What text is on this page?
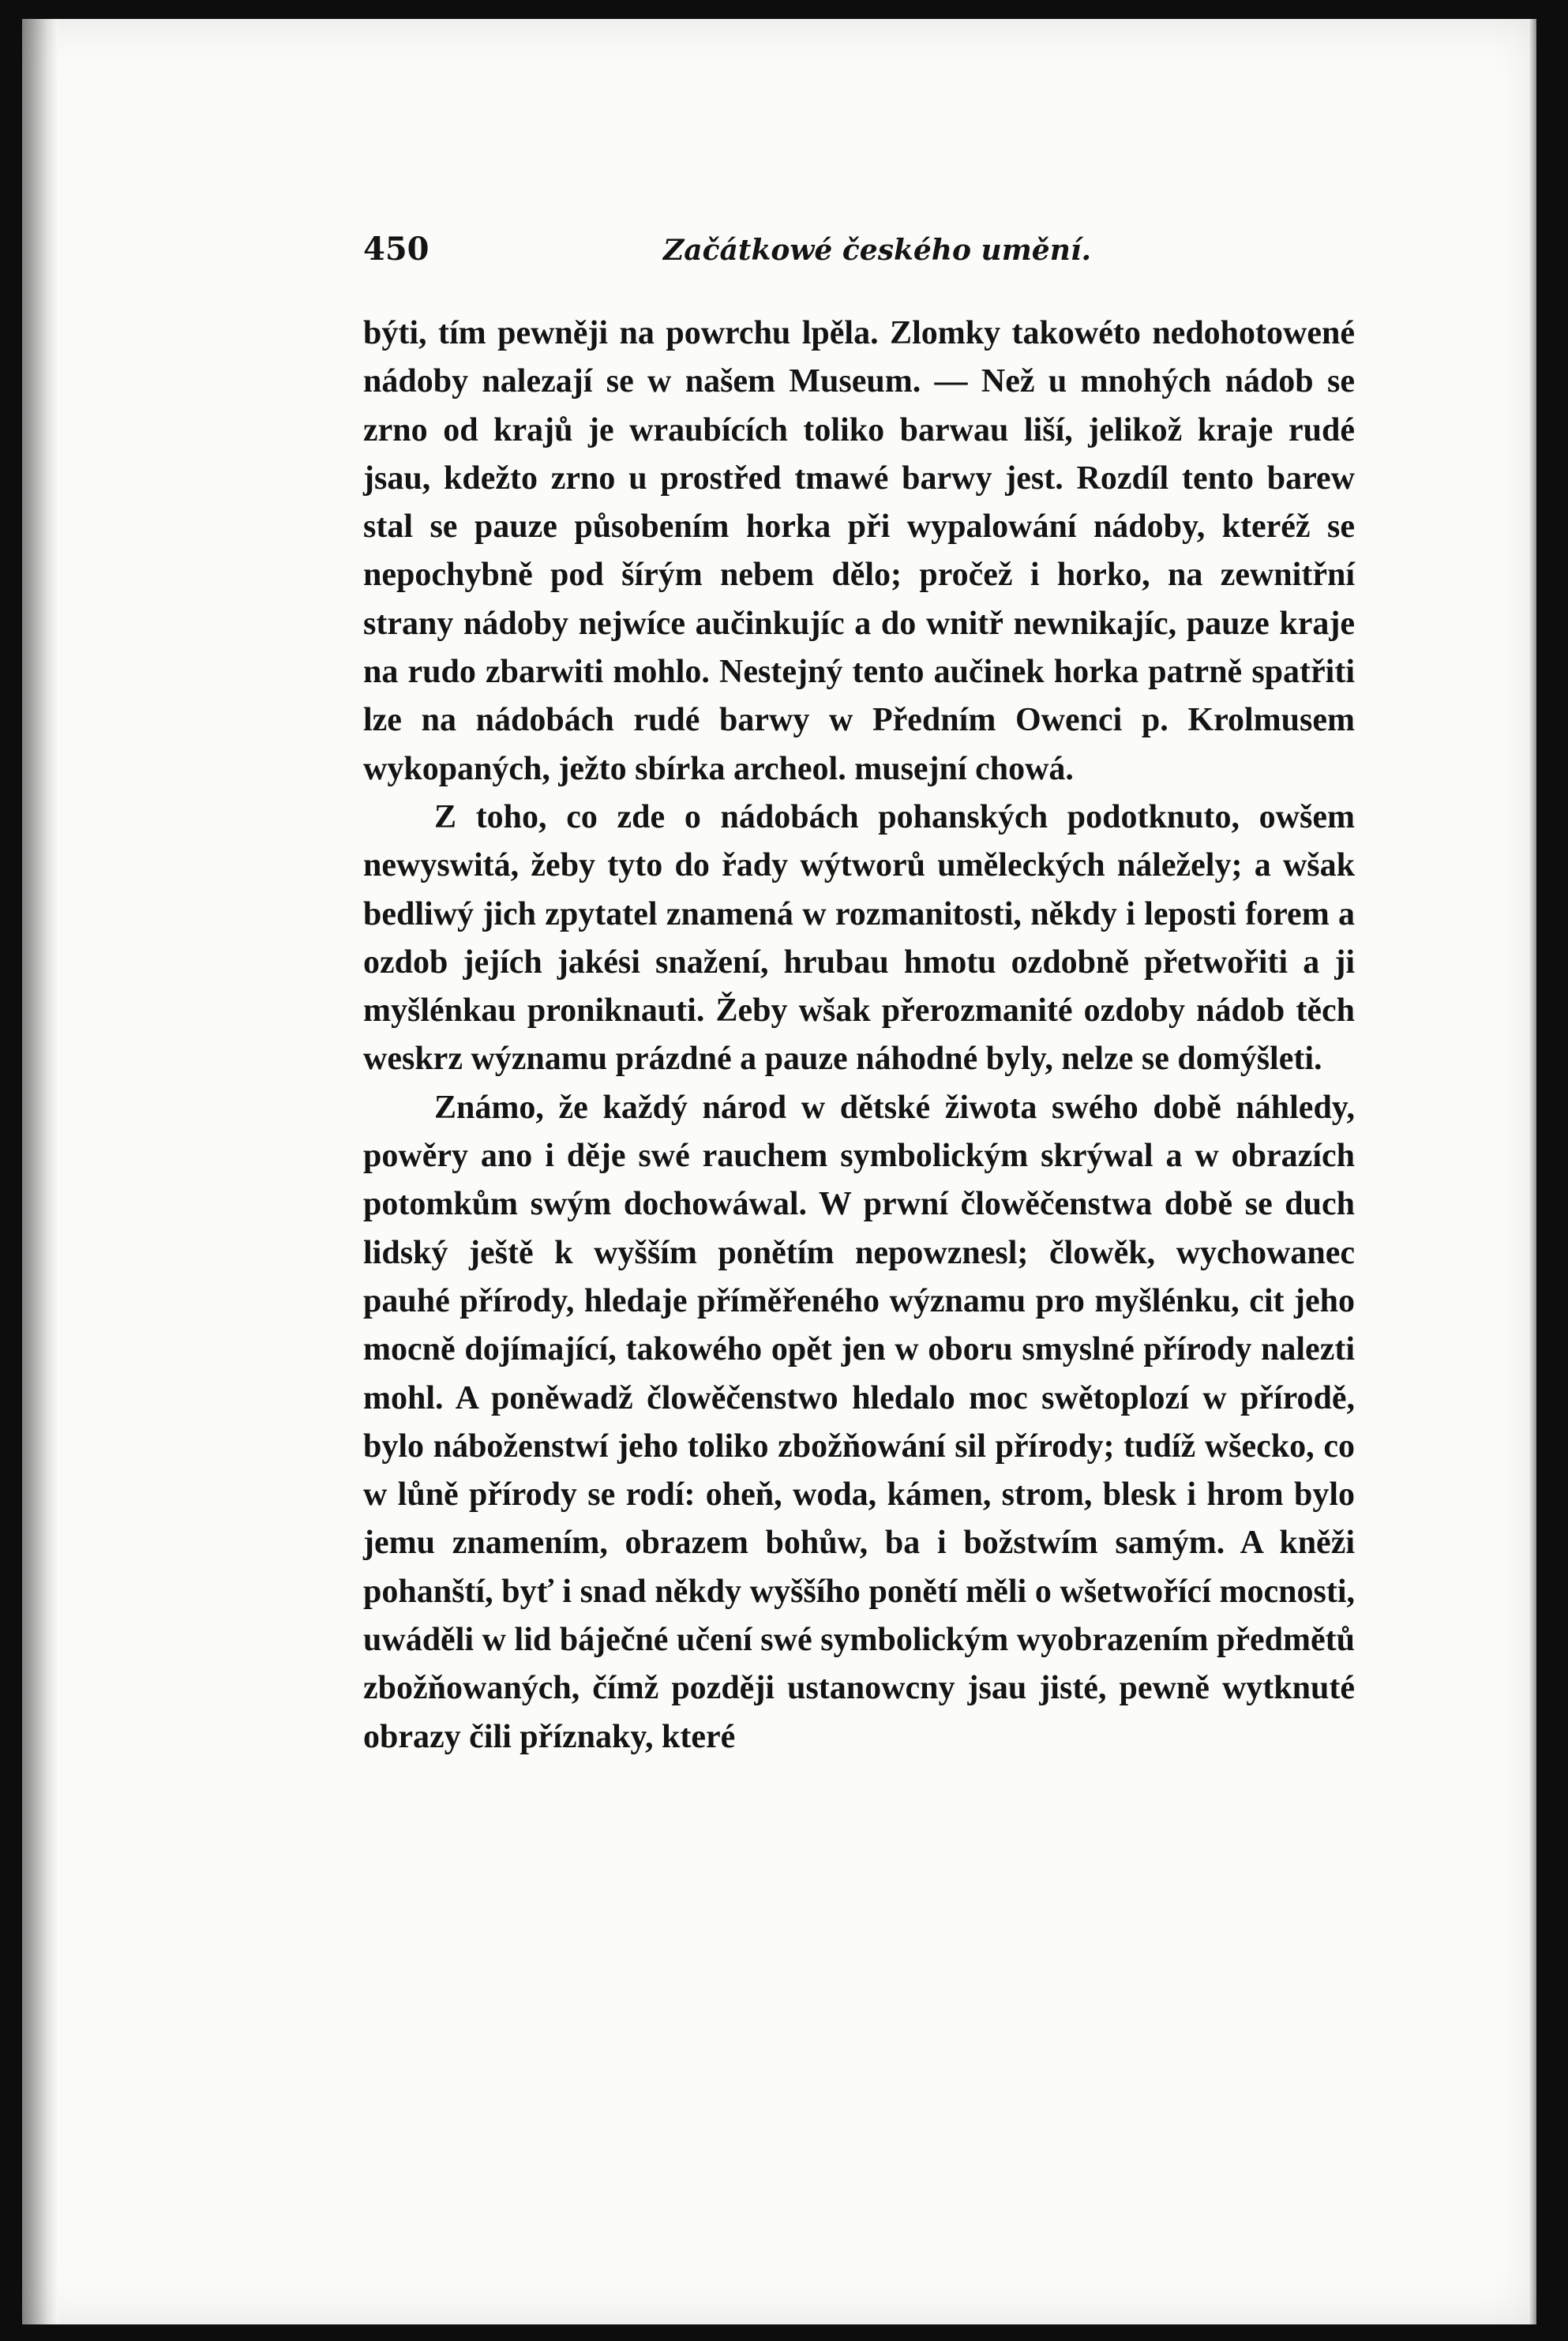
450	Začátkowé českého umění.

býti, tím pewněji na powrchu lpěla. Zlomky takowéto nedohotowené nádoby nalezají se w našem Museum. — Než u mnohých nádob se zrno od krajů je wraubících toliko barwau liší, jelikož kraje rudé jsau, kdežto zrno u prostřed tmawé barwy jest. Rozdíl tento barew stal se pauze působením horka při wypalowání nádoby, kteréž se nepochybně pod šírým nebem dělo; pročež i horko, na zewnitřní strany nádoby nejwíce aučinkujíc a do wnitř newnikajíc, pauze kraje na rudo zbarwiti mohlo. Nestejný tento aučinek horka patrně spatřiti lze na nádobách rudé barwy w Předním Owenci p. Krolmusem wykopaných, ježto sbírka archeol. musejní chowá.

Z toho, co zde o nádobách pohanských podotknuto, owšem newyswitá, žeby tyto do řady wýtworů uměleckých náležely; a wšak bedliwý jich zpytatel znamená w rozmanitosti, někdy i leposti forem a ozdob jejích jakési snažení, hrubau hmotu ozdobně přetwořiti a ji myšlénkau proniknauti. Žeby wšak přerozmanité ozdoby nádob těch weskrz wýznamu prázdné a pauze náhodné byly, nelze se domýšleti.

Známo, že každý národ w dětské žiwota swého době náhledy, powěry ano i děje swé rauchem symbolickým skrýwal a w obrazích potomkům swým dochowáwal. W prwní člowěčenstwa době se duch lidský ještě k wyšším ponětím nepowznesl; člowěk, wychowanec pauhé přírody, hledaje příměřeného wýznamu pro myšlénku, cit jeho mocně dojímající, takowého opět jen w oboru smyslné přírody nalezti mohl. A poněwadž člowěčenstwo hledalo moc swětoplozí w přírodě, bylo náboženstwí jeho toliko zbožňowání sil přírody; tudíž wšecko, co w lůně přírody se rodí: oheň, woda, kámen, strom, blesk i hrom bylo jemu znamením, obrazem bohůw, ba i božstwím samým. A kněži pohanští, byť i snad někdy wyššího ponětí měli o wšetwořící mocnosti, uwáděli w lid báječné učení swé symbolickým wyobrazením předmětů zbožňowaných, čímž později ustanowcny jsau jisté, pewně wytknuté obrazy čili příznaky, které
